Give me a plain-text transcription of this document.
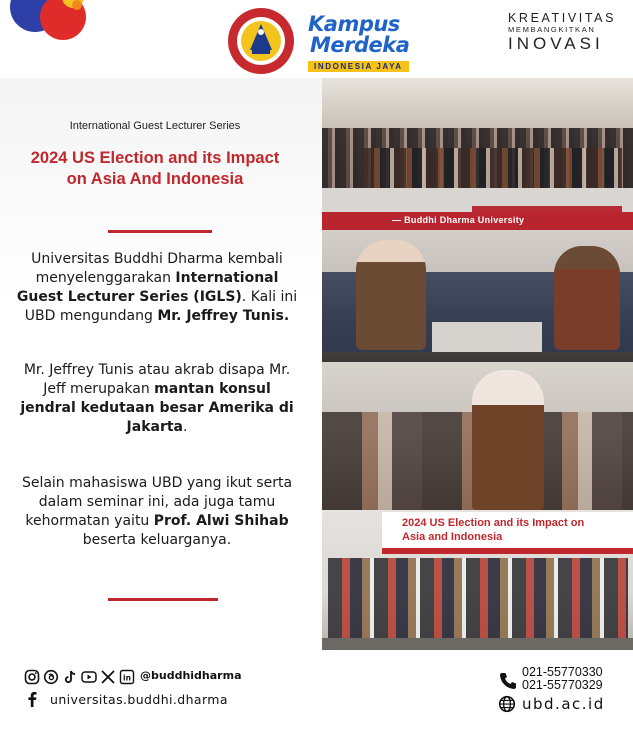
Kampus
Merdeka
INDONESIA JAYA
KREATIVITAS
MEMBANGKITKAN
INOVASI
International Guest Lecturer Series
2024 US Election and its Impact on Asia And Indonesia
Universitas Buddhi Dharma kembali menyelenggarakan International Guest Lecturer Series (IGLS). Kali ini UBD mengundang Mr. Jeffrey Tunis.
Mr. Jeffrey Tunis atau akrab disapa Mr. Jeff merupakan mantan konsul jendral kedutaan besar Amerika di Jakarta.
Selain mahasiswa UBD yang ikut serta dalam seminar ini, ada juga tamu kehormatan yaitu Prof. Alwi Shihab beserta keluarganya.
— Buddhi Dharma University
2024 US Election and its Impact on
Asia and Indonesia
in @buddhidharma
universitas.buddhi.dharma
021-55770330
021-55770329
ubd.ac.id
